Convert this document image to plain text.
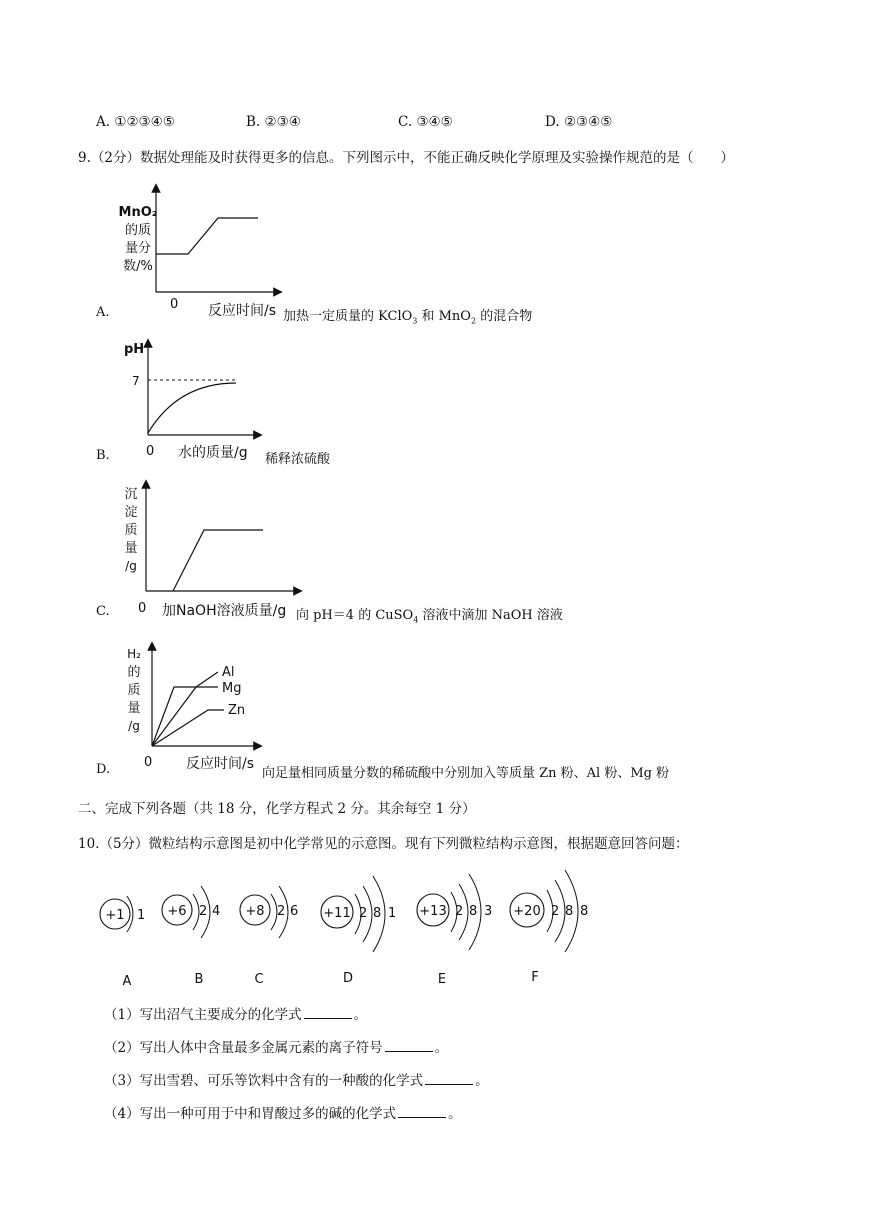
A. ①②③④⑤	B. ②③④	C. ③④⑤	D. ②③④⑤
9.（2分）数据处理能及时获得更多的信息。下列图示中，不能正确反映化学原理及实验操作规范的是（　　）
A.
MnO₂
的质
量分
数/%
0 反应时间/s 加热一定质量的 KClO$_3$ 和 MnO$_2$ 的混合物
B.
pH
7
0 水的质量/g 稀释浓硫酸
C.
沉
淀
质
量
/g
0 加NaOH溶液质量/g 向 pH＝4 的 CuSO$_4$ 溶液中滴加 NaOH 溶液
D.
Al
Mg
Zn
H₂
的
质
量
/g
0 反应时间/s
向足量相同质量分数的稀硫酸中分别加入等质量 Zn 粉、Al 粉、Mg 粉
二、完成下列各题（共 18 分，化学方程式 2 分。其余每空 1 分）
10.（5分）微粒结构示意图是初中化学常见的示意图。现有下列微粒结构示意图，根据题意回答问题：
+1 1
A
+6 2 4
B
+8 2 6
C
+11 2 8 1
D
+13 2 8 3
E
+20 2 8 8
F
（1）写出沼气主要成分的化学式	。
（2）写出人体中含量最多金属元素的离子符号	。
（3）写出雪碧、可乐等饮料中含有的一种酸的化学式	。
（4）写出一种可用于中和胃酸过多的碱的化学式	。
